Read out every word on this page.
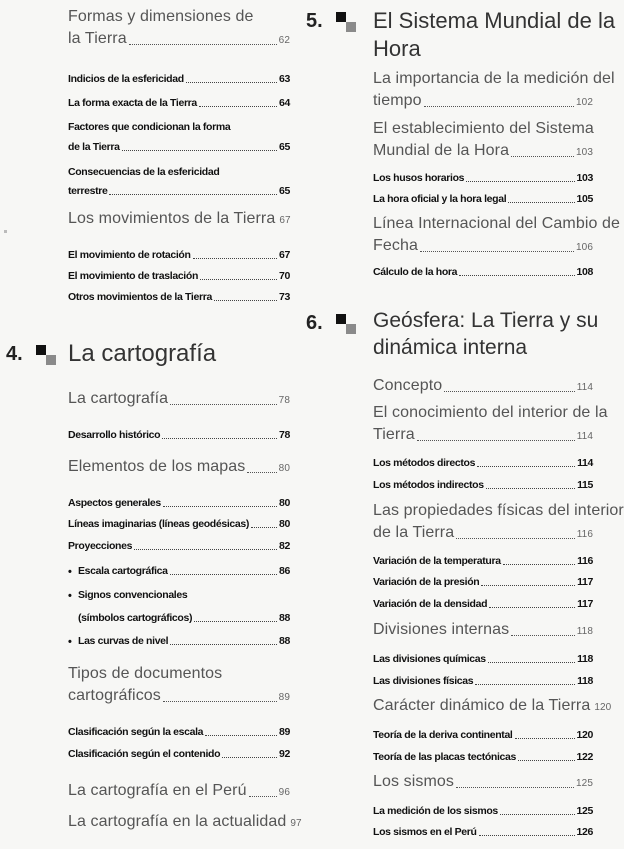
Formas y dimensiones de
la Tierra	62
Indicios de la esfericidad	63
La forma exacta de la Tierra	64
Factores que condicionan la forma
de la Tierra	65
Consecuencias de la esfericidad
terrestre	65
Los movimientos de la Tierra 67
El movimiento de rotación	67
El movimiento de traslación	70
Otros movimientos de la Tierra	73
4. La cartografía
La cartografía	78
Desarrollo histórico	78
Elementos de los mapas	80
Aspectos generales	80
Líneas imaginarias (líneas geodésicas)	80
Proyecciones	82
• Escala cartográfica	86
• Signos convencionales
(símbolos cartográficos)	88
• Las curvas de nivel	88
Tipos de documentos
cartográficos	89
Clasificación según la escala	89
Clasificación según el contenido	92
La cartografía en el Perú	96
La cartografía en la actualidad 97
5. El Sistema Mundial de la
Hora
La importancia de la medición del
tiempo	102
El establecimiento del Sistema
Mundial de la Hora	103
Los husos horarios	103
La hora oficial y la hora legal	105
Línea Internacional del Cambio de
Fecha	106
Cálculo de la hora	108
6. Geósfera: La Tierra y su
dinámica interna
Concepto	114
El conocimiento del interior de la
Tierra	114
Los métodos directos	114
Los métodos indirectos	115
Las propiedades físicas del interior
de la Tierra	116
Variación de la temperatura	116
Variación de la presión	117
Variación de la densidad	117
Divisiones internas	118
Las divisiones químicas	118
Las divisiones físicas	118
Carácter dinámico de la Tierra 120
Teoría de la deriva continental	120
Teoría de las placas tectónicas	122
Los sismos	125
La medición de los sismos	125
Los sismos en el Perú	126
